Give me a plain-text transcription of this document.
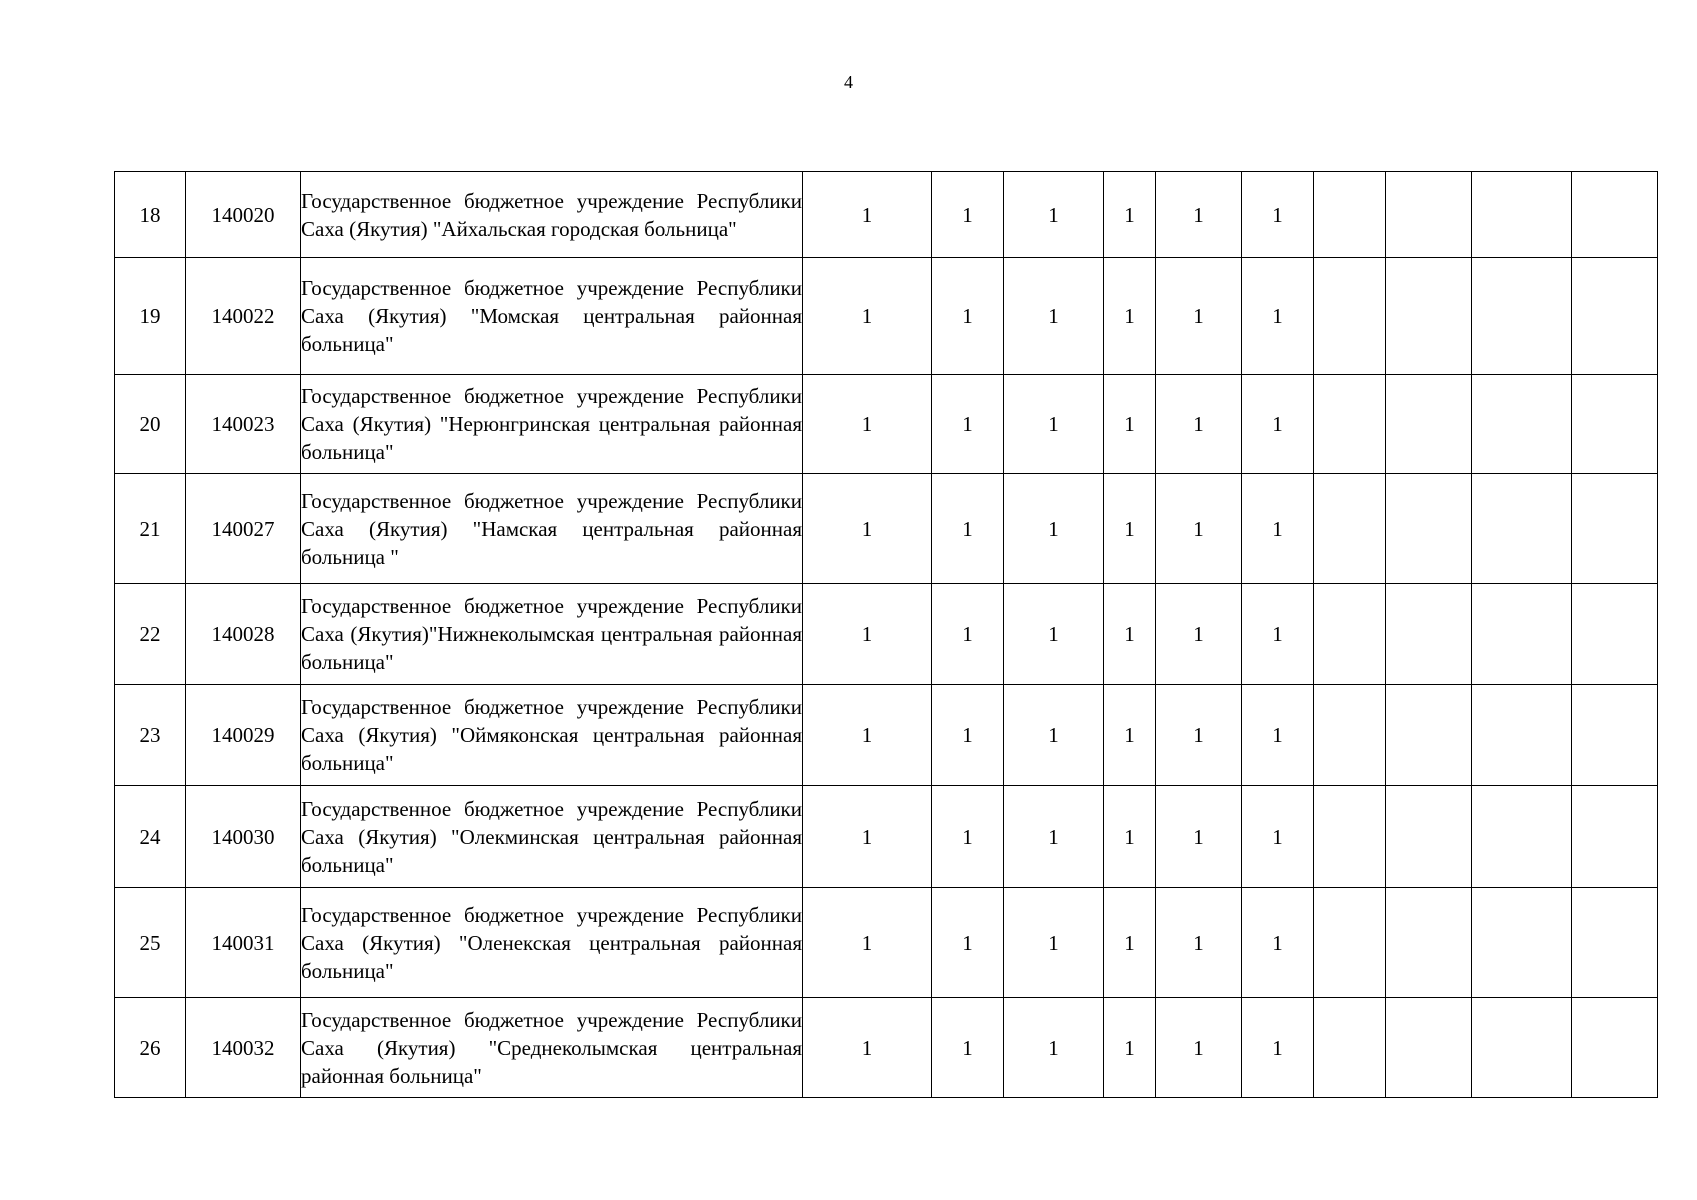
4
18	140020	Государственное бюджетное учреждение Республики Саха (Якутия) "Айхальская городская больница"	1	1	1	1	1	1				
19	140022	Государственное бюджетное учреждение Республики Саха (Якутия) "Момская центральная районная больница"	1	1	1	1	1	1				
20	140023	Государственное бюджетное учреждение Республики Саха (Якутия) "Нерюнгринская центральная районная больница"	1	1	1	1	1	1				
21	140027	Государственное бюджетное учреждение Республики Саха (Якутия) "Намская центральная районная больница "	1	1	1	1	1	1				
22	140028	Государственное бюджетное учреждение Республики Саха (Якутия)"Нижнеколымская центральная районная больница"	1	1	1	1	1	1				
23	140029	Государственное бюджетное учреждение Республики Саха (Якутия) "Оймяконская центральная районная больница"	1	1	1	1	1	1				
24	140030	Государственное бюджетное учреждение Республики Саха (Якутия) "Олекминская центральная районная больница"	1	1	1	1	1	1				
25	140031	Государственное бюджетное учреждение Республики Саха (Якутия) "Оленекская центральная районная больница"	1	1	1	1	1	1				
26	140032	Государственное бюджетное учреждение Республики Саха (Якутия) "Среднеколымская центральная районная больница"	1	1	1	1	1	1				
